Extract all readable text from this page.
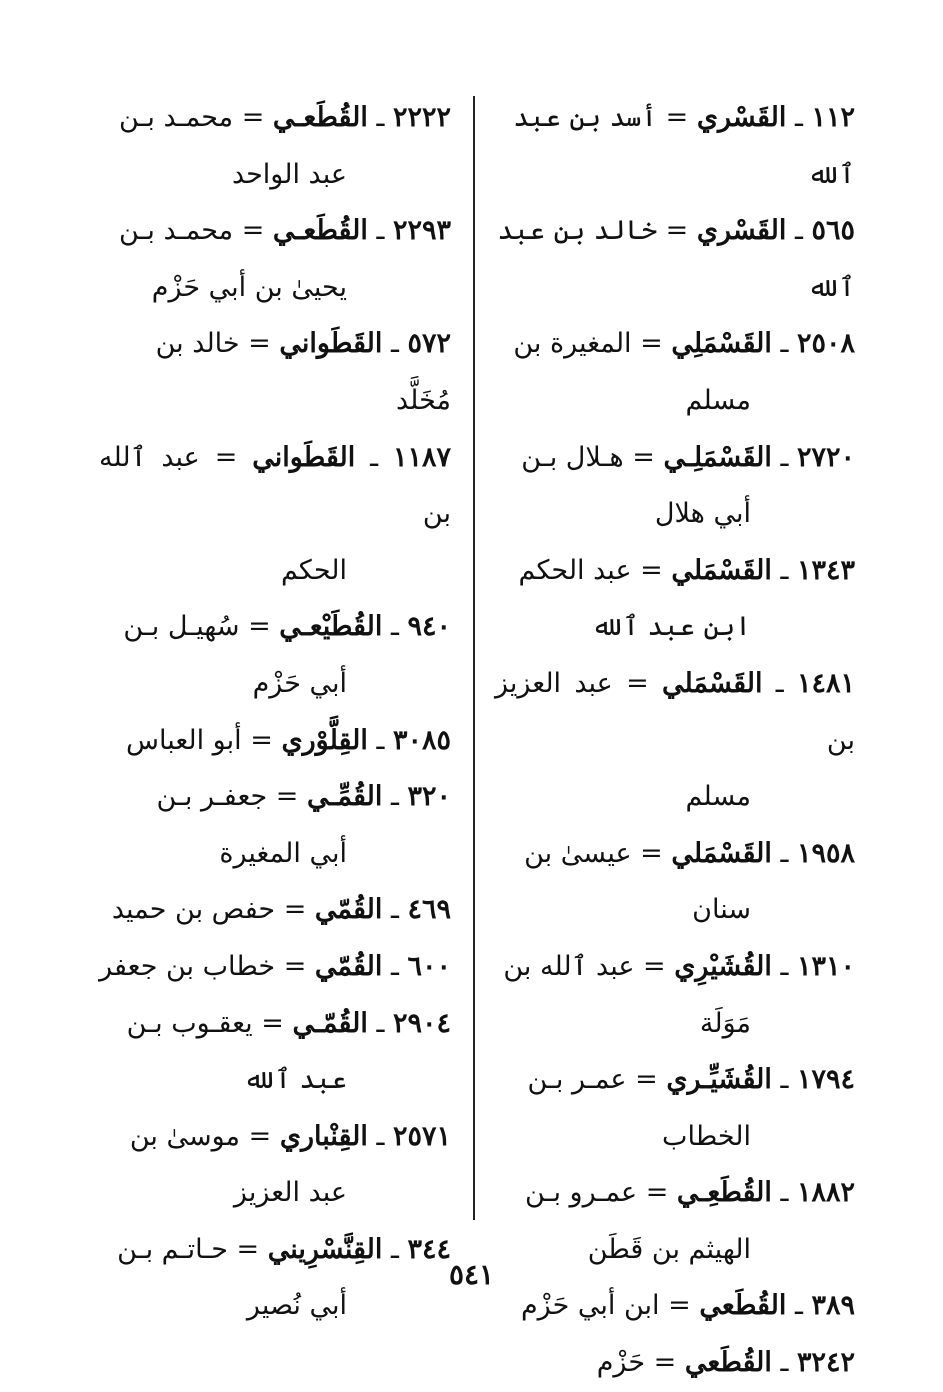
١١٢ ـ القَسْري = أسد بن عبد ٱلله

٥٦٥ ـ القَسْري = خالد بن عبد ٱلله

٢٥٠٨ ـ القَسْمَلِي = المغيرة بن
مسلم

٢٧٢٠ ـ القَسْمَلِـي = هـلال بـن
أبي هلال

١٣٤٣ ـ القَسْمَلي = عبد الحكم
ابن عبد ٱلله

١٤٨١ ـ القَسْمَلي = عبد العزيز بن
مسلم

١٩٥٨ ـ القَسْمَلي = عيسىٰ بن
سنان

١٣١٠ ـ القُشَيْرِي = عبد ٱلله بن
مَوَلَة

١٧٩٤ ـ القُشَيِّـري = عمـر بـن
الخطاب

١٨٨٢ ـ القُطَعِـي = عمـرو بـن
الهيثم بن قَطَن

٣٨٩ ـ القُطَعي = ابن أبي حَزْم

٣٢٤٢ ـ القُطَعي = حَزْم

٢٢٢٢ ـ القُطَعـي = محمـد بـن
عبد الواحد

٢٢٩٣ ـ القُطَعـي = محمـد بـن
يحيىٰ بن أبي حَزْم

٥٧٢ ـ القَطَواني = خالد بن مُخَلَّد

١١٨٧ ـ القَطَواني = عبد ٱلله بن
الحكم

٩٤٠ ـ القُطَيْعـي = سُهيـل بـن
أبي حَزْم

٣٠٨٥ ـ القِلَّوْري = أبو العباس

٣٢٠ ـ القُمِّـي = جعفـر بـن
أبي المغيرة

٤٦٩ ـ القُمّي = حفص بن حميد

٦٠٠ ـ القُمّي = خطاب بن جعفر

٢٩٠٤ ـ القُمّـي = يعقـوب بـن
عبد ٱلله

٢٥٧١ ـ القِنْباري = موسىٰ بن
عبد العزيز

٣٤٤ ـ القِنَّسْرِيني = حـاتـم بـن
أبي نُصير

٥٤١
